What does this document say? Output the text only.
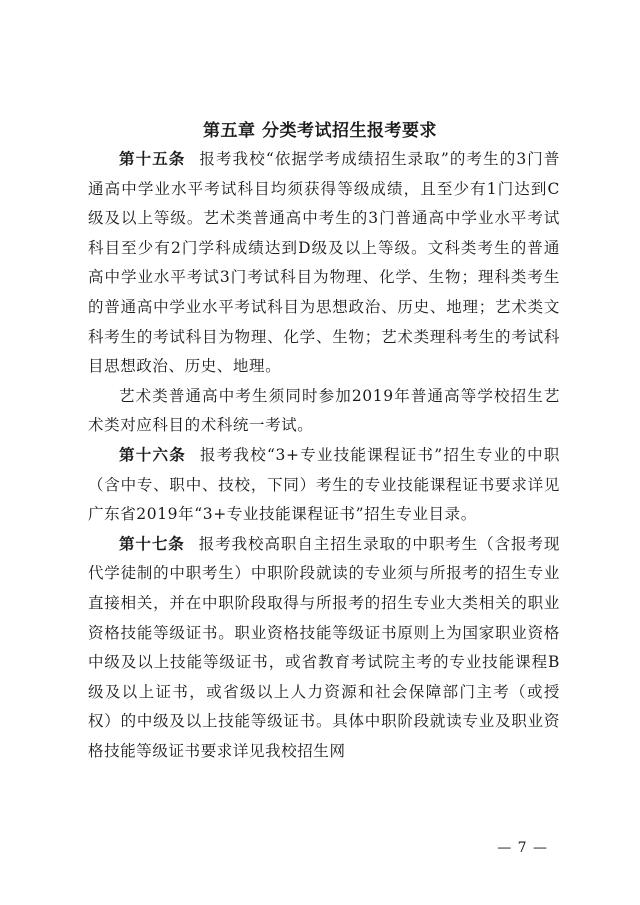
第五章 分类考试招生报考要求

第十五条 报考我校“依据学考成绩招生录取”的考生的3门普通高中学业水平考试科目均须获得等级成绩，且至少有1门达到C级及以上等级。艺术类普通高中考生的3门普通高中学业水平考试科目至少有2门学科成绩达到D级及以上等级。文科类考生的普通高中学业水平考试3门考试科目为物理、化学、生物；理科类考生的普通高中学业水平考试科目为思想政治、历史、地理；艺术类文科考生的考试科目为物理、化学、生物；艺术类理科考生的考试科目思想政治、历史、地理。

艺术类普通高中考生须同时参加2019年普通高等学校招生艺术类对应科目的术科统一考试。

第十六条 报考我校“3+专业技能课程证书”招生专业的中职（含中专、职中、技校，下同）考生的专业技能课程证书要求详见广东省2019年“3+专业技能课程证书”招生专业目录。

第十七条 报考我校高职自主招生录取的中职考生（含报考现代学徒制的中职考生）中职阶段就读的专业须与所报考的招生专业直接相关，并在中职阶段取得与所报考的招生专业大类相关的职业资格技能等级证书。职业资格技能等级证书原则上为国家职业资格中级及以上技能等级证书，或省教育考试院主考的专业技能课程B级及以上证书，或省级以上人力资源和社会保障部门主考（或授权）的中级及以上技能等级证书。具体中职阶段就读专业及职业资格技能等级证书要求详见我校招生网

— 7 —
